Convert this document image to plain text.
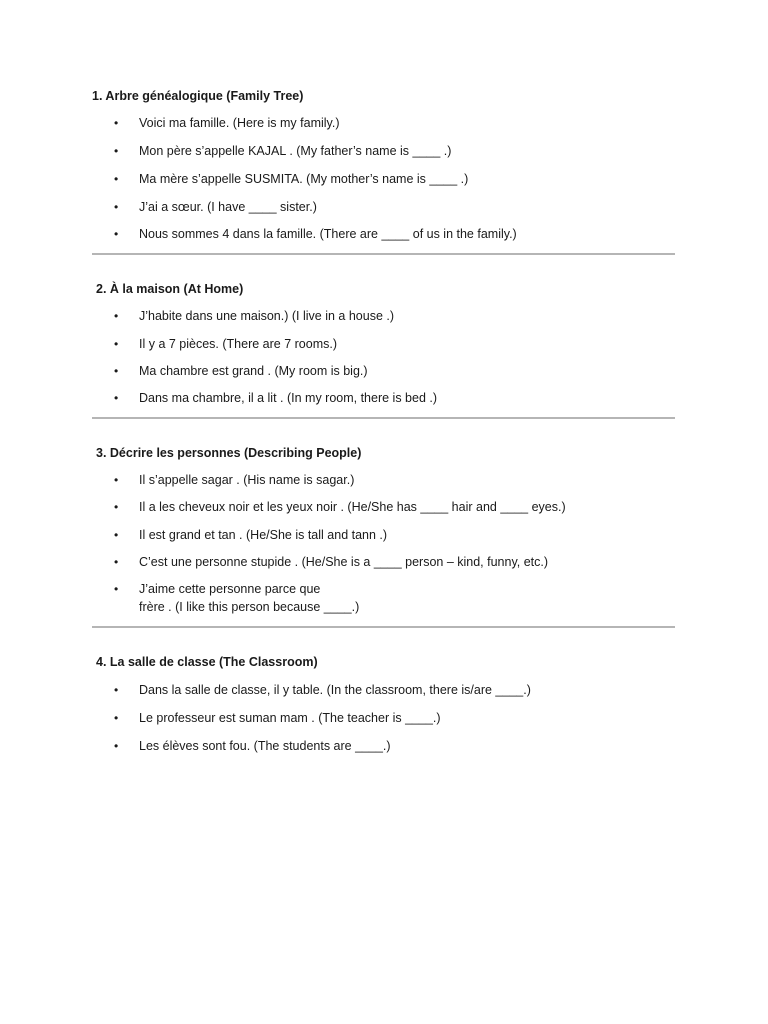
1. Arbre généalogique (Family Tree)
• Voici ma famille. (Here is my family.)
• Mon père s’appelle KAJAL . (My father’s name is ____ .)
• Ma mère s’appelle SUSMITA. (My mother’s name is ____ .)
• J’ai a sœur. (I have ____ sister.)
• Nous sommes 4 dans la famille. (There are ____ of us in the family.)
2. À la maison (At Home)
• J’habite dans une maison.) (I live in a house .)
• Il y a 7 pièces. (There are 7 rooms.)
• Ma chambre est grand . (My room is big.)
• Dans ma chambre, il a lit . (In my room, there is bed .)
3. Décrire les personnes (Describing People)
• Il s’appelle sagar . (His name is sagar.)
• Il a les cheveux noir et les yeux noir . (He/She has ____ hair and ____ eyes.)
• Il est grand et tan . (He/She is tall and tann .)
• C’est une personne stupide . (He/She is a ____ person – kind, funny, etc.)
• J’aime cette personne parce que
frère . (I like this person because ____.)
4. La salle de classe (The Classroom)
• Dans la salle de classe, il y table. (In the classroom, there is/are ____.)
• Le professeur est suman mam . (The teacher is ____.)
• Les élèves sont fou. (The students are ____.)
